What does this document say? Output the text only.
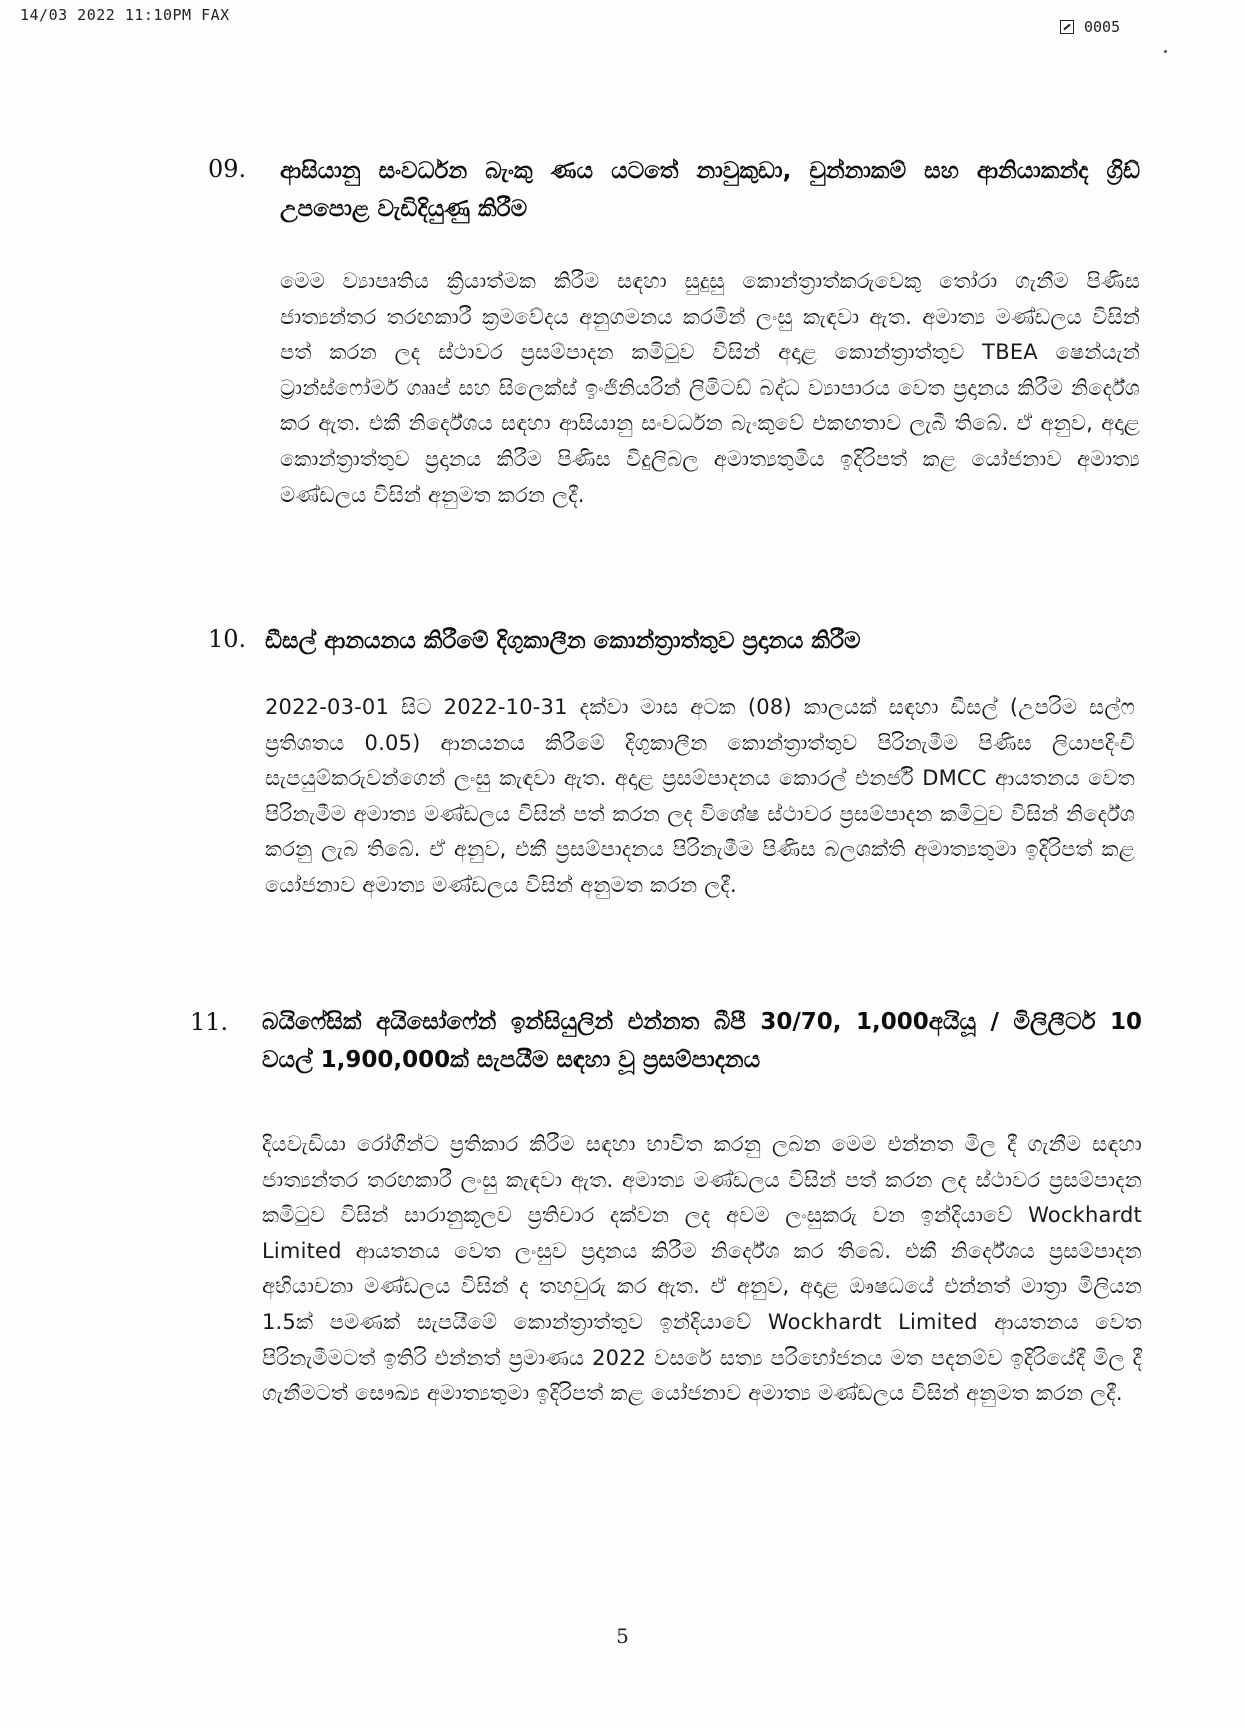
14/03 2022 11:10PM FAX
0005
09. ආසියානු සංවර්ධන බැංකු ණය යටතේ නාවුකුඩා, චුන්නාකම් සහ ආනියාකන්ද ග්‍රිඩ් උපපොළ වැඩිදියුණු කිරීම
මෙම ව්‍යාපෘතිය ක්‍රියාත්මක කිරීම සඳහා සුදුසු කොන්ත්‍රාත්කරුවෙකු තෝරා ගැනීම පිණිස ජාත්‍යන්තර තරඟකාරී ක්‍රමවේදය අනුගමනය කරමින් ලංසු කැඳවා ඇත. අමාත්‍ය මණ්ඩලය විසින් පත් කරන ලද ස්ථාවර ප්‍රසම්පාදන කමිටුව විසින් අදාළ කොන්ත්‍රාත්තුව TBEA ෂෙන්යැන් ට්‍රාන්ස්ෆෝමර් ගෲප් සහ සිලෙක්ස් ඉංජිනියරින් ලිමිටඩ් බද්ධ ව්‍යාපාරය වෙත ප්‍රදානය කිරීම නිර්දේශ කර ඇත. එකී නිර්දේශය සඳහා ආසියානු සංවර්ධන බැංකුවේ එකඟතාව ලැබී තිබේ. ඒ අනුව, අදාළ කොන්ත්‍රාත්තුව ප්‍රදානය කිරීම පිණිස විදුලිබල අමාත්‍යතුමිය ඉදිරිපත් කළ යෝජනාව අමාත්‍ය මණ්ඩලය විසින් අනුමත කරන ලදී.
10. ඩීසල් ආනයනය කිරීමේ දිගුකාලීන කොන්ත්‍රාත්තුව ප්‍රදානය කිරීම
2022-03-01 සිට 2022-10-31 දක්වා මාස අටක (08) කාලයක් සඳහා ඩීසල් (උපරිම සල්ෆ ප්‍රතිශතය 0.05) ආනයනය කිරීමේ දිගුකාලීන කොන්ත්‍රාත්තුව පිරිනැමීම පිණිස ලියාපදිංචි සැපයුම්කරුවන්ගෙන් ලංසු කැඳවා ඇත. අදාළ ප්‍රසම්පාදනය කොරල් එනර්ජි DMCC ආයතනය වෙත පිරිනැමීම අමාත්‍ය මණ්ඩලය විසින් පත් කරන ලද විශේෂ ස්ථාවර ප්‍රසම්පාදන කමිටුව විසින් නිර්දේශ කරනු ලැබ තිබේ. ඒ අනුව, එකී ප්‍රසම්පාදනය පිරිනැමීම පිණිස බලශක්ති අමාත්‍යතුමා ඉදිරිපත් කළ යෝජනාව අමාත්‍ය මණ්ඩලය විසින් අනුමත කරන ලදී.
11. බයිෆේසික් අයිසෝෆේන් ඉන්සියුලින් එන්නත බීපී 30/70, 1,000අයියූ / මිලිලීටර් 10 වයල් 1,900,000ක් සැපයීම සඳහා වූ ප්‍රසම්පාදනය
දියවැඩියා රෝගීන්ට ප්‍රතිකාර කිරීම සඳහා භාවිත කරනු ලබන මෙම එන්නත මිල දී ගැනීම සඳහා ජාත්‍යන්තර තරඟකාරී ලංසු කැඳවා ඇත. අමාත්‍ය මණ්ඩලය විසින් පත් කරන ලද ස්ථාවර ප්‍රසම්පාදන කමිටුව විසින් සාරානුකූලව ප්‍රතිචාර දක්වන ලද අවම ලංසුකරු වන ඉන්දියාවේ Wockhardt Limited ආයතනය වෙත ලංසුව ප්‍රදානය කිරීම නිර්දේශ කර තිබේ. එකී නිර්දේශය ප්‍රසම්පාදන අභියාචනා මණ්ඩලය විසින් ද තහවුරු කර ඇත. ඒ අනුව, අදාළ ඖෂධයේ එන්නත් මාත්‍රා මිලියන 1.5ක් පමණක් සැපයීමේ කොන්ත්‍රාත්තුව ඉන්දියාවේ Wockhardt Limited ආයතනය වෙත පිරිනැමීමටත් ඉතිරි එන්නත් ප්‍රමාණය 2022 වසරේ සත්‍ය පරිභෝජනය මත පදනම්ව ඉදිරියේදී මිල දී ගැනීමටත් සෞඛ්‍ය අමාත්‍යතුමා ඉදිරිපත් කළ යෝජනාව අමාත්‍ය මණ්ඩලය විසින් අනුමත කරන ලදී.
5
